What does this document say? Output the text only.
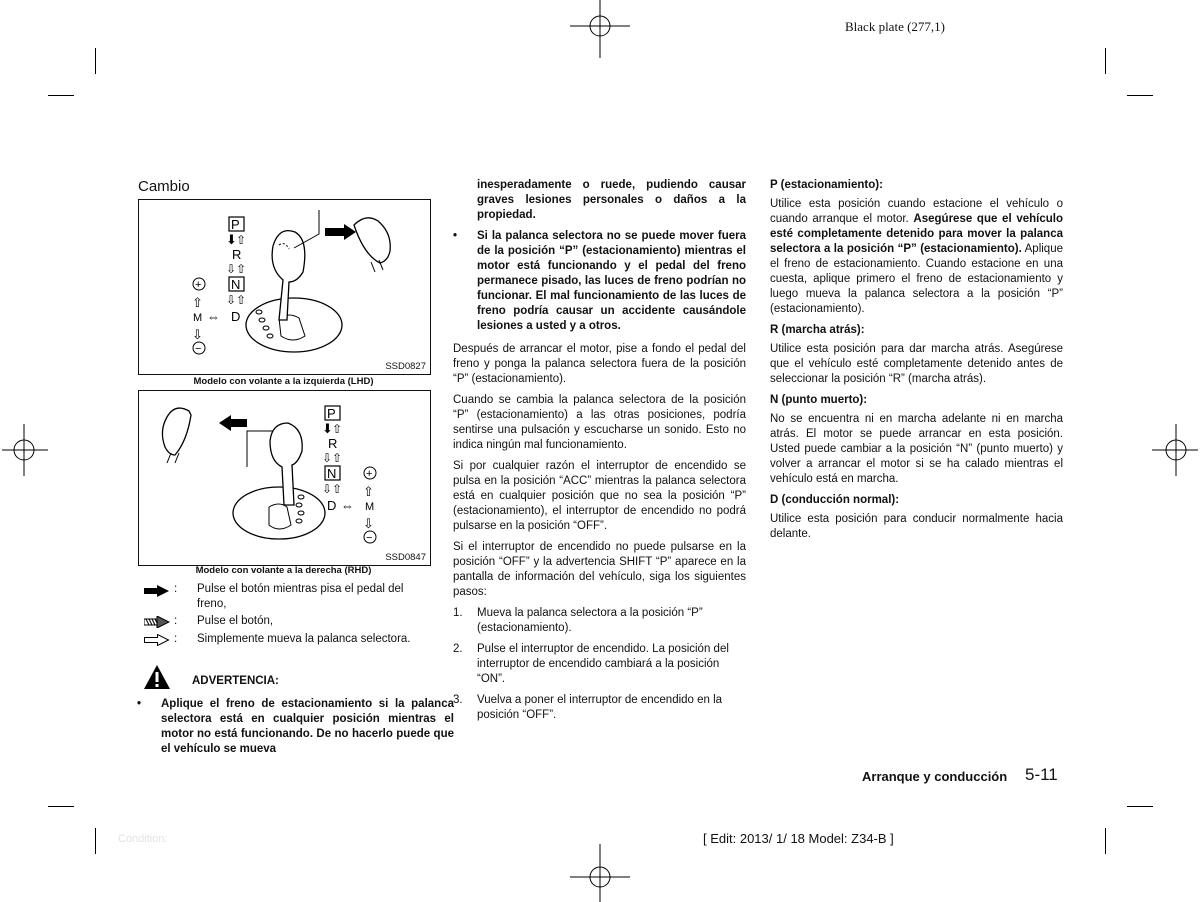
Black plate (277,1)
Cambio
P
⬇ ⇧
R
⇩ ⇧
N
⇩ ⇧
D
⇔
M
+
⇧
⇩
−
SSD0827
Modelo con volante a la izquierda (LHD)
P
⬇ ⇧
R
⇩ ⇧
N
⇩ ⇧
D ⇔ M
+
⇧
⇩
−
SSD0847
Modelo con volante a la derecha (RHD)
: Pulse el botón mientras pisa el pedal del freno,
: Pulse el botón,
: Simplemente mueva la palanca selectora.
ADVERTENCIA:
• Aplique el freno de estacionamiento si la palanca selectora está en cualquier posición mientras el motor no está funcionando. De no hacerlo puede que el vehículo se mueva
inesperadamente o ruede, pudiendo causar graves lesiones personales o daños a la propiedad.
• Si la palanca selectora no se puede mover fuera de la posición “P” (estacionamiento) mientras el motor está funcionando y el pedal del freno permanece pisado, las luces de freno podrían no funcionar. El mal funcionamiento de las luces de freno podría causar un accidente causándole lesiones a usted y a otros.

Después de arrancar el motor, pise a fondo el pedal del freno y ponga la palanca selectora fuera de la posición “P” (estacionamiento).

Cuando se cambia la palanca selectora de la posición “P” (estacionamiento) a las otras posiciones, podría sentirse una pulsación y escucharse un sonido. Esto no indica ningún mal funcionamiento.

Si por cualquier razón el interruptor de encendido se pulsa en la posición “ACC” mientras la palanca selectora está en cualquier posición que no sea la posición “P” (estacionamiento), el interruptor de encendido no podrá pulsarse en la posición “OFF”.

Si el interruptor de encendido no puede pulsarse en la posición “OFF” y la advertencia SHIFT “P” aparece en la pantalla de información del vehículo, siga los siguientes pasos:

1. Mueva la palanca selectora a la posición “P” (estacionamiento).
2. Pulse el interruptor de encendido. La posición del interruptor de encendido cambiará a la posición “ON”.
3. Vuelva a poner el interruptor de encendido en la posición “OFF”.
P (estacionamiento):

Utilice esta posición cuando estacione el vehículo o cuando arranque el motor. Asegúrese que el vehículo esté completamente detenido para mover la palanca selectora a la posición “P” (estacionamiento). Aplique el freno de estacionamiento. Cuando estacione en una cuesta, aplique primero el freno de estacionamiento y luego mueva la palanca selectora a la posición “P” (estacionamiento).

R (marcha atrás):

Utilice esta posición para dar marcha atrás. Asegúrese que el vehículo esté completamente detenido antes de seleccionar la posición “R” (marcha atrás).

N (punto muerto):

No se encuentra ni en marcha adelante ni en marcha atrás. El motor se puede arrancar en esta posición. Usted puede cambiar a la posición “N” (punto muerto) y volver a arrancar el motor si se ha calado mientras el vehículo está en marcha.

D (conducción normal):

Utilice esta posición para conducir normalmente hacia delante.

Arranque y conducción 5-11
[ Edit: 2013/ 1/ 18 Model: Z34-B ]
Condition:
